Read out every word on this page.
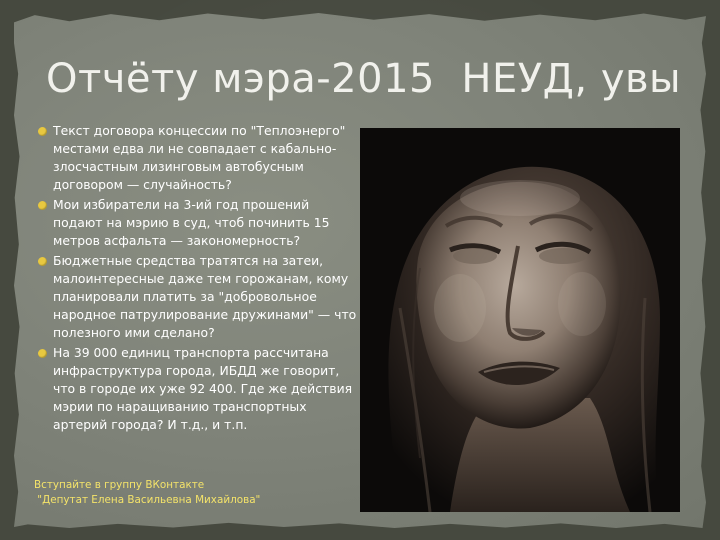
Отчёту мэра-2015  НЕУД, увы
Текст договора концессии по "Теплоэнерго" местами едва ли не совпадает с кабально-злосчастным лизинговым автобусным договором — случайность?
Мои избиратели на 3-ий год прошений подают на мэрию в суд, чтоб починить 15 метров асфальта — закономерность?
Бюджетные средства тратятся на затеи, малоинтересные даже тем горожанам, кому планировали платить за "добровольное народное патрулирование дружинами" — что полезного ими сделано?
На 39 000 единиц транспорта рассчитана инфраструктура города, ИБДД же говорит, что в городе их уже 92 400. Где же действия мэрии по наращиванию транспортных артерий города? И т.д., и т.п.
Вступайте в группу ВКонтакте
"Депутат Елена Васильевна Михайлова"
